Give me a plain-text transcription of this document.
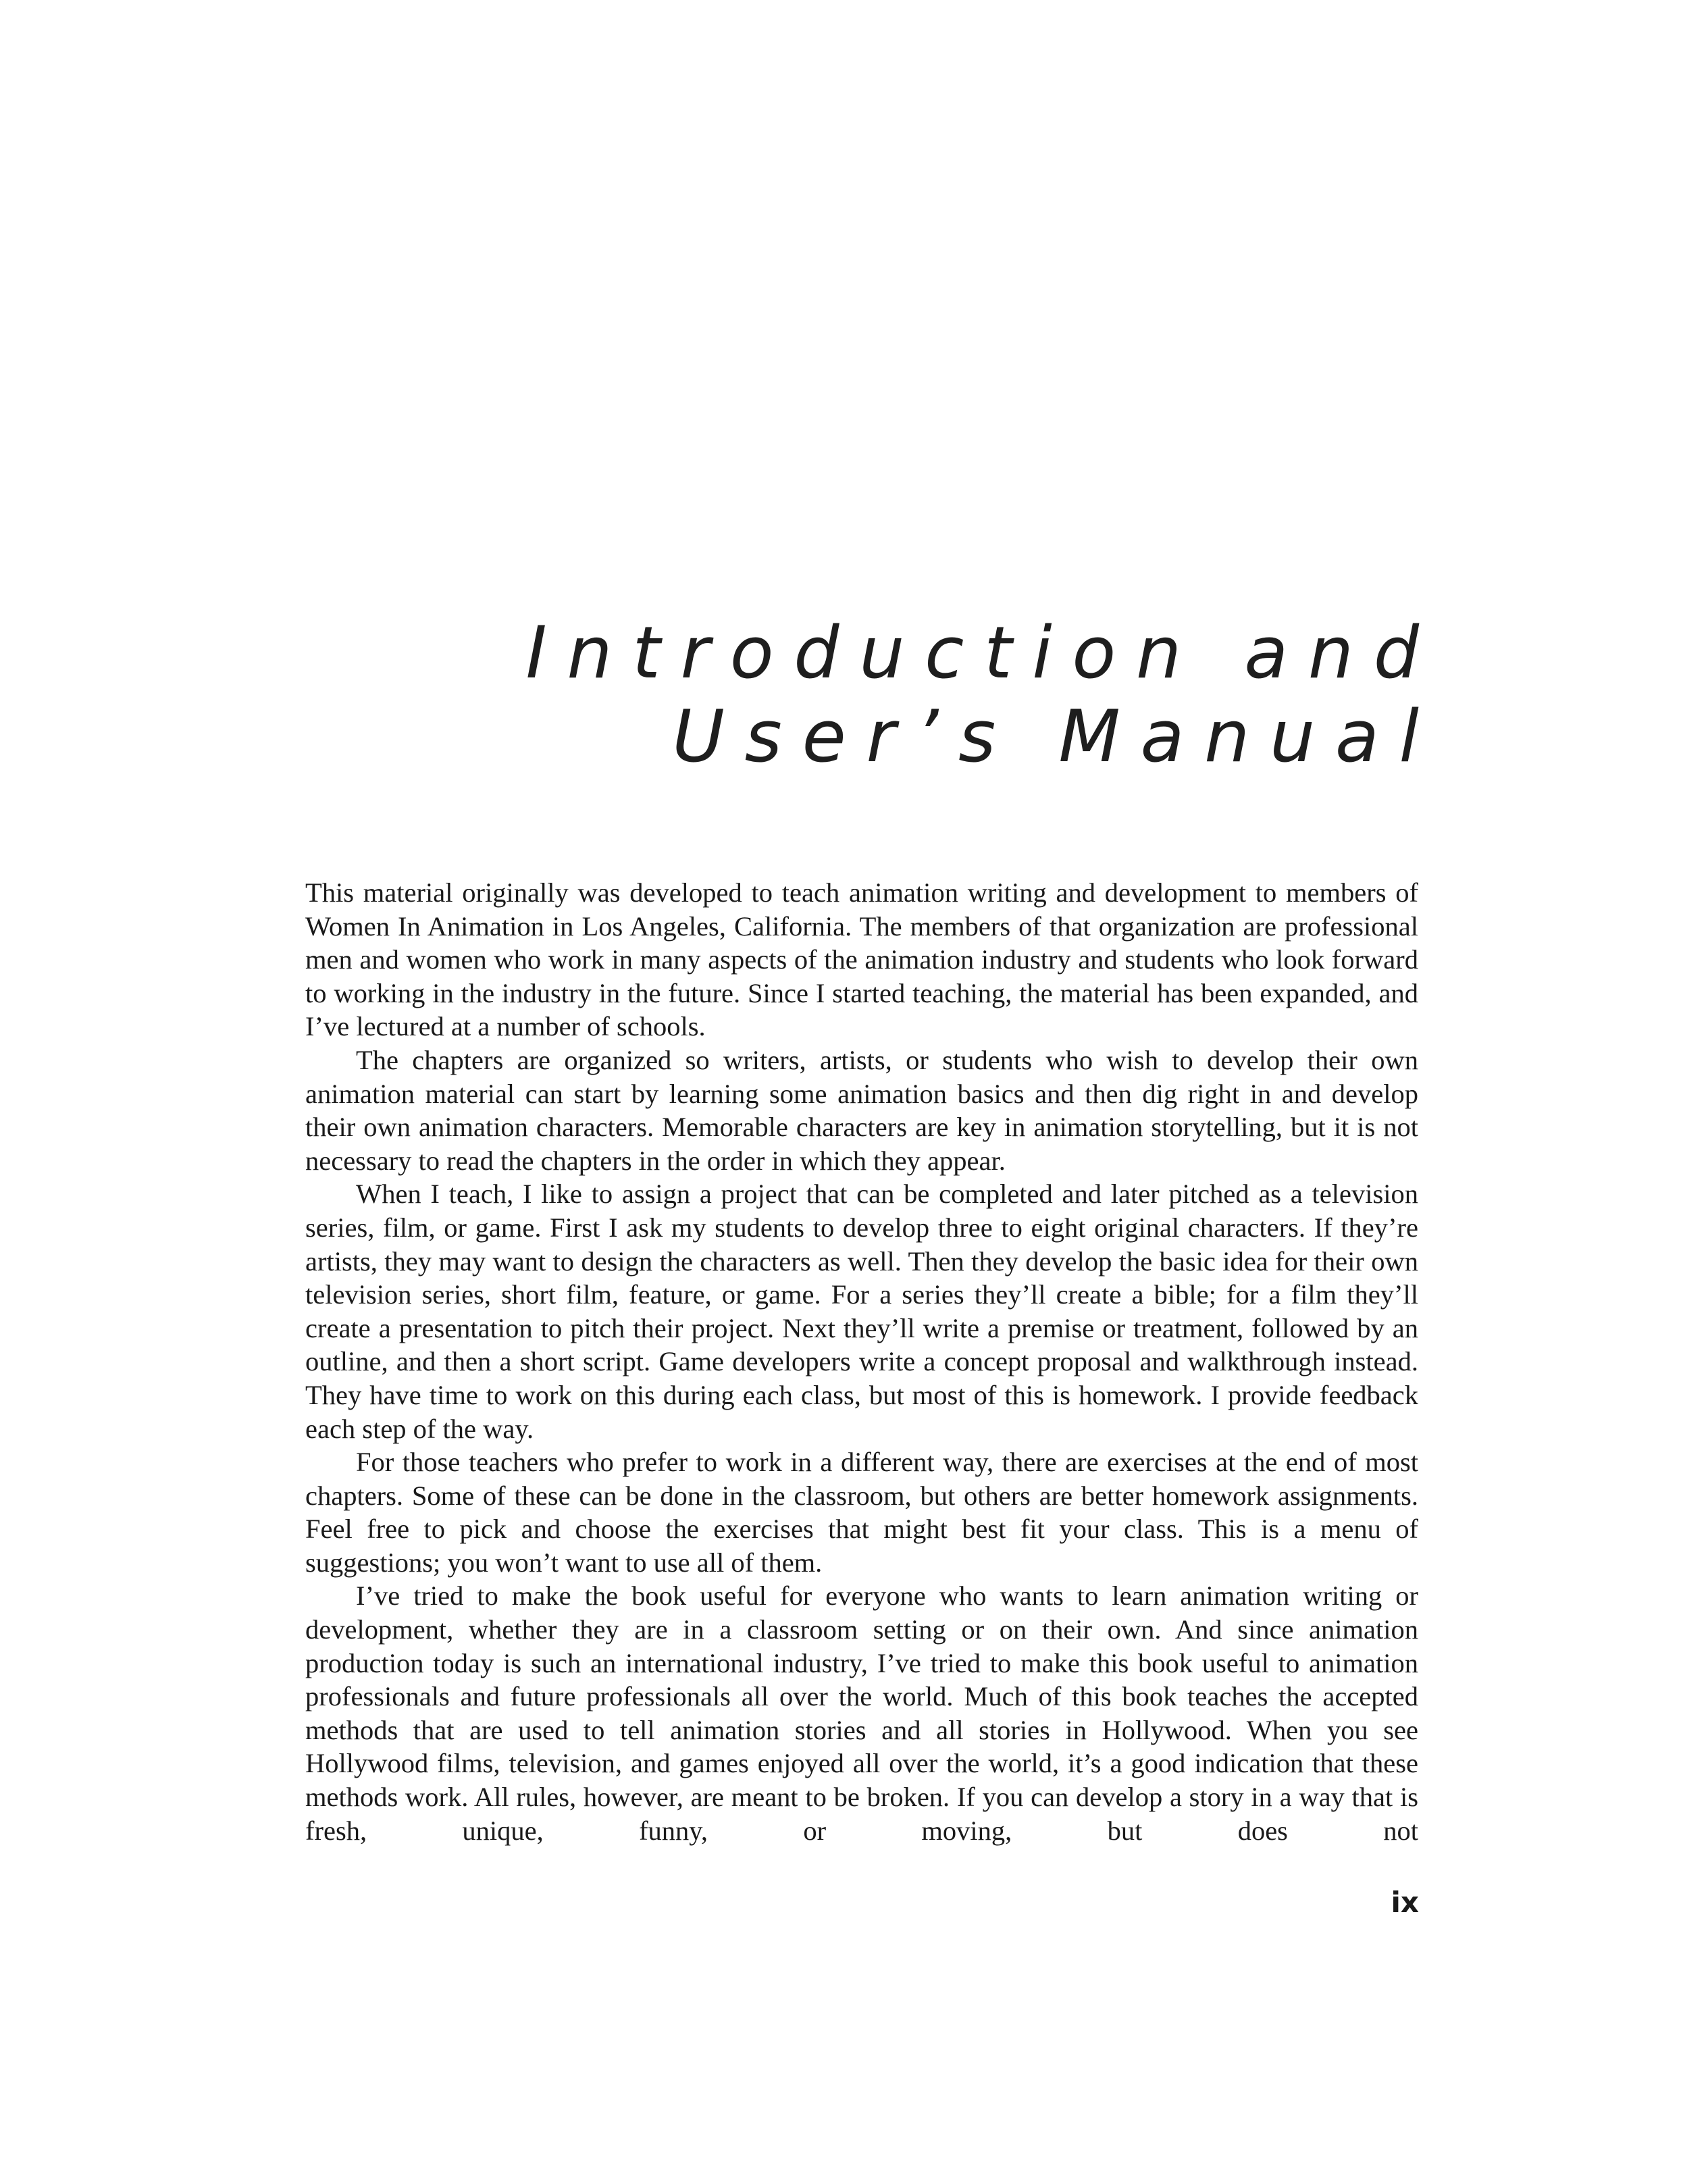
Introduction and
User’s Manual

This material originally was developed to teach animation writing and development to members of Women In Animation in Los Angeles, California. The members of that organization are professional men and women who work in many aspects of the animation industry and students who look forward to working in the industry in the future. Since I started teaching, the material has been expanded, and I’ve lectured at a number of schools.

The chapters are organized so writers, artists, or students who wish to develop their own animation material can start by learning some animation basics and then dig right in and develop their own animation characters. Memorable characters are key in animation storytelling, but it is not necessary to read the chapters in the order in which they appear.

When I teach, I like to assign a project that can be completed and later pitched as a television series, film, or game. First I ask my students to develop three to eight original characters. If they’re artists, they may want to design the characters as well. Then they develop the basic idea for their own television series, short film, feature, or game. For a series they’ll create a bible; for a film they’ll create a presentation to pitch their project. Next they’ll write a premise or treatment, followed by an outline, and then a short script. Game developers write a concept proposal and walkthrough instead. They have time to work on this during each class, but most of this is homework. I provide feedback each step of the way.

For those teachers who prefer to work in a different way, there are exercises at the end of most chapters. Some of these can be done in the classroom, but others are better homework assignments. Feel free to pick and choose the exercises that might best fit your class. This is a menu of suggestions; you won’t want to use all of them.

I’ve tried to make the book useful for everyone who wants to learn animation writing or development, whether they are in a classroom setting or on their own. And since animation production today is such an international industry, I’ve tried to make this book useful to animation professionals and future professionals all over the world. Much of this book teaches the accepted methods that are used to tell animation stories and all stories in Hollywood. When you see Hollywood films, television, and games enjoyed all over the world, it’s a good indication that these methods work. All rules, however, are meant to be broken. If you can develop a story in a way that is fresh, unique, funny, or moving, but does not

ix
